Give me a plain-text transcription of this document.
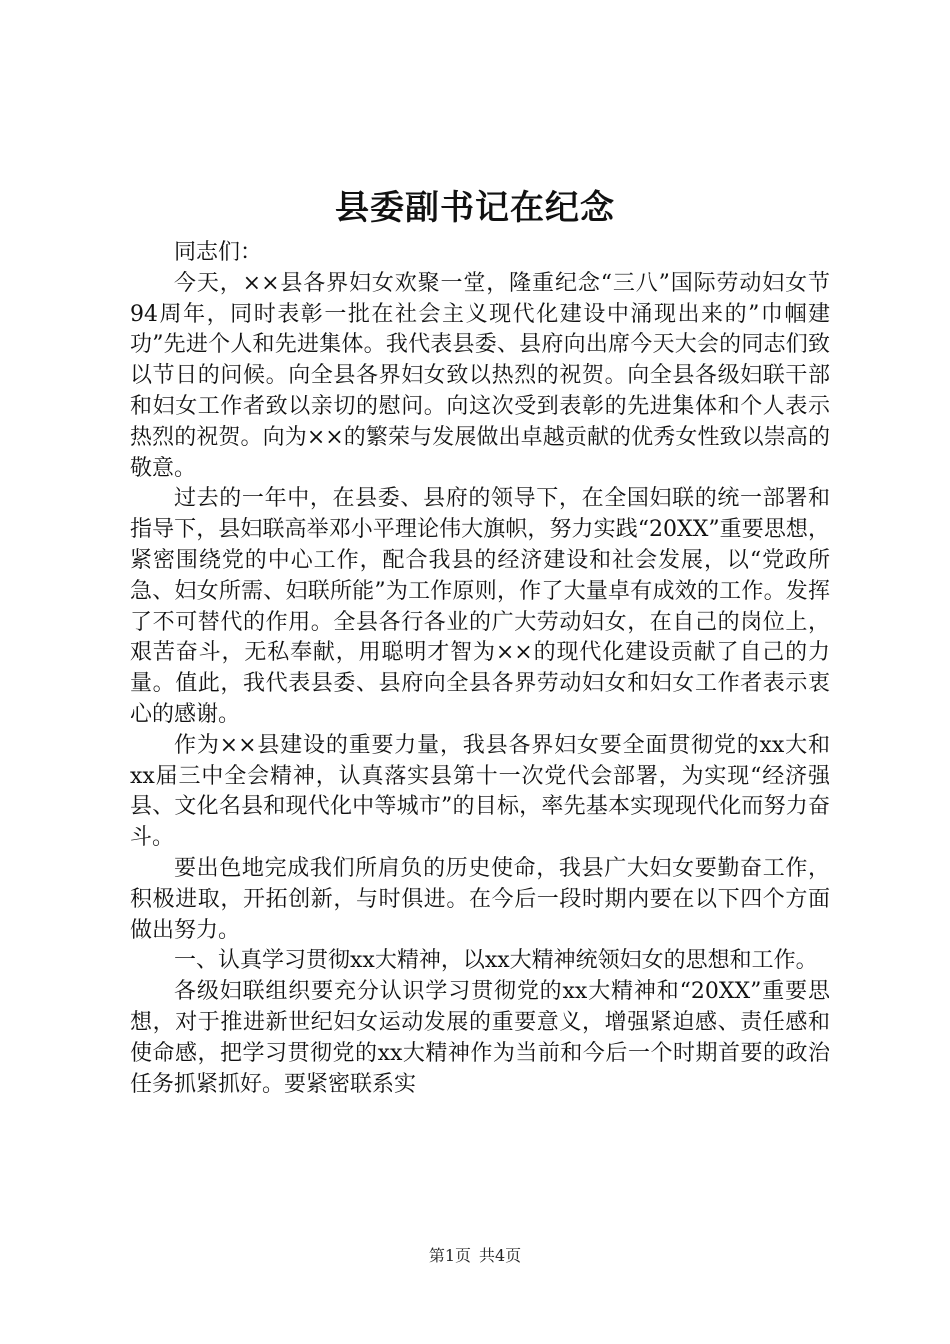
县委副书记在纪念

同志们：

今天，××县各界妇女欢聚一堂，隆重纪念“三八”国际劳动妇女节94周年，同时表彰一批在社会主义现代化建设中涌现出来的”巾帼建功”先进个人和先进集体。我代表县委、县府向出席今天大会的同志们致以节日的问候。向全县各界妇女致以热烈的祝贺。向全县各级妇联干部和妇女工作者致以亲切的慰问。向这次受到表彰的先进集体和个人表示热烈的祝贺。向为××的繁荣与发展做出卓越贡献的优秀女性致以崇高的敬意。

过去的一年中，在县委、县府的领导下，在全国妇联的统一部署和指导下，县妇联高举邓小平理论伟大旗帜，努力实践“20XX”重要思想，紧密围绕党的中心工作，配合我县的经济建设和社会发展，以“党政所急、妇女所需、妇联所能”为工作原则，作了大量卓有成效的工作。发挥了不可替代的作用。全县各行各业的广大劳动妇女，在自己的岗位上，艰苦奋斗，无私奉献，用聪明才智为××的现代化建设贡献了自己的力量。值此，我代表县委、县府向全县各界劳动妇女和妇女工作者表示衷心的感谢。

作为××县建设的重要力量，我县各界妇女要全面贯彻党的xx大和xx届三中全会精神，认真落实县第十一次党代会部署，为实现“经济强县、文化名县和现代化中等城市”的目标，率先基本实现现代化而努力奋斗。

要出色地完成我们所肩负的历史使命，我县广大妇女要勤奋工作，积极进取，开拓创新，与时俱进。在今后一段时期内要在以下四个方面做出努力。

一、认真学习贯彻xx大精神，以xx大精神统领妇女的思想和工作。

各级妇联组织要充分认识学习贯彻党的xx大精神和“20XX”重要思想，对于推进新世纪妇女运动发展的重要意义，增强紧迫感、责任感和使命感，把学习贯彻党的xx大精神作为当前和今后一个时期首要的政治任务抓紧抓好。要紧密联系实

第1页 共4页
